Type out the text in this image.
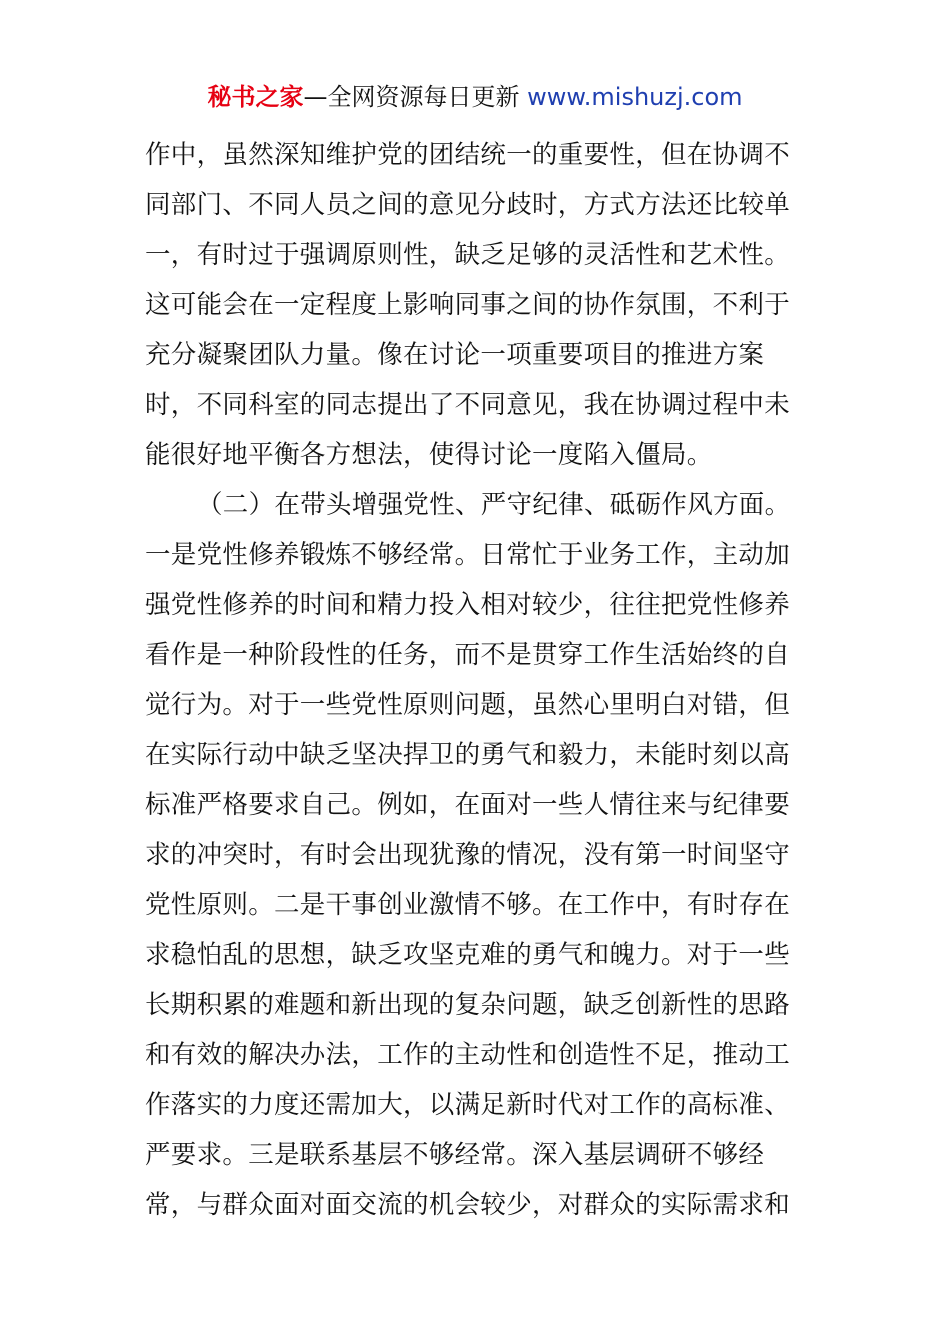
秘书之家—全网资源每日更新 www.mishuzj.com
作中，虽然深知维护党的团结统一的重要性，但在协调不
同部门、不同人员之间的意见分歧时，方式方法还比较单
一，有时过于强调原则性，缺乏足够的灵活性和艺术性。
这可能会在一定程度上影响同事之间的协作氛围，不利于
充分凝聚团队力量。像在讨论一项重要项目的推进方案
时，不同科室的同志提出了不同意见，我在协调过程中未
能很好地平衡各方想法，使得讨论一度陷入僵局。
（二）在带头增强党性、严守纪律、砥砺作风方面。
一是党性修养锻炼不够经常。日常忙于业务工作，主动加
强党性修养的时间和精力投入相对较少，往往把党性修养
看作是一种阶段性的任务，而不是贯穿工作生活始终的自
觉行为。对于一些党性原则问题，虽然心里明白对错，但
在实际行动中缺乏坚决捍卫的勇气和毅力，未能时刻以高
标准严格要求自己。例如，在面对一些人情往来与纪律要
求的冲突时，有时会出现犹豫的情况，没有第一时间坚守
党性原则。二是干事创业激情不够。在工作中，有时存在
求稳怕乱的思想，缺乏攻坚克难的勇气和魄力。对于一些
长期积累的难题和新出现的复杂问题，缺乏创新性的思路
和有效的解决办法，工作的主动性和创造性不足，推动工
作落实的力度还需加大，以满足新时代对工作的高标准、
严要求。三是联系基层不够经常。深入基层调研不够经
常，与群众面对面交流的机会较少，对群众的实际需求和
